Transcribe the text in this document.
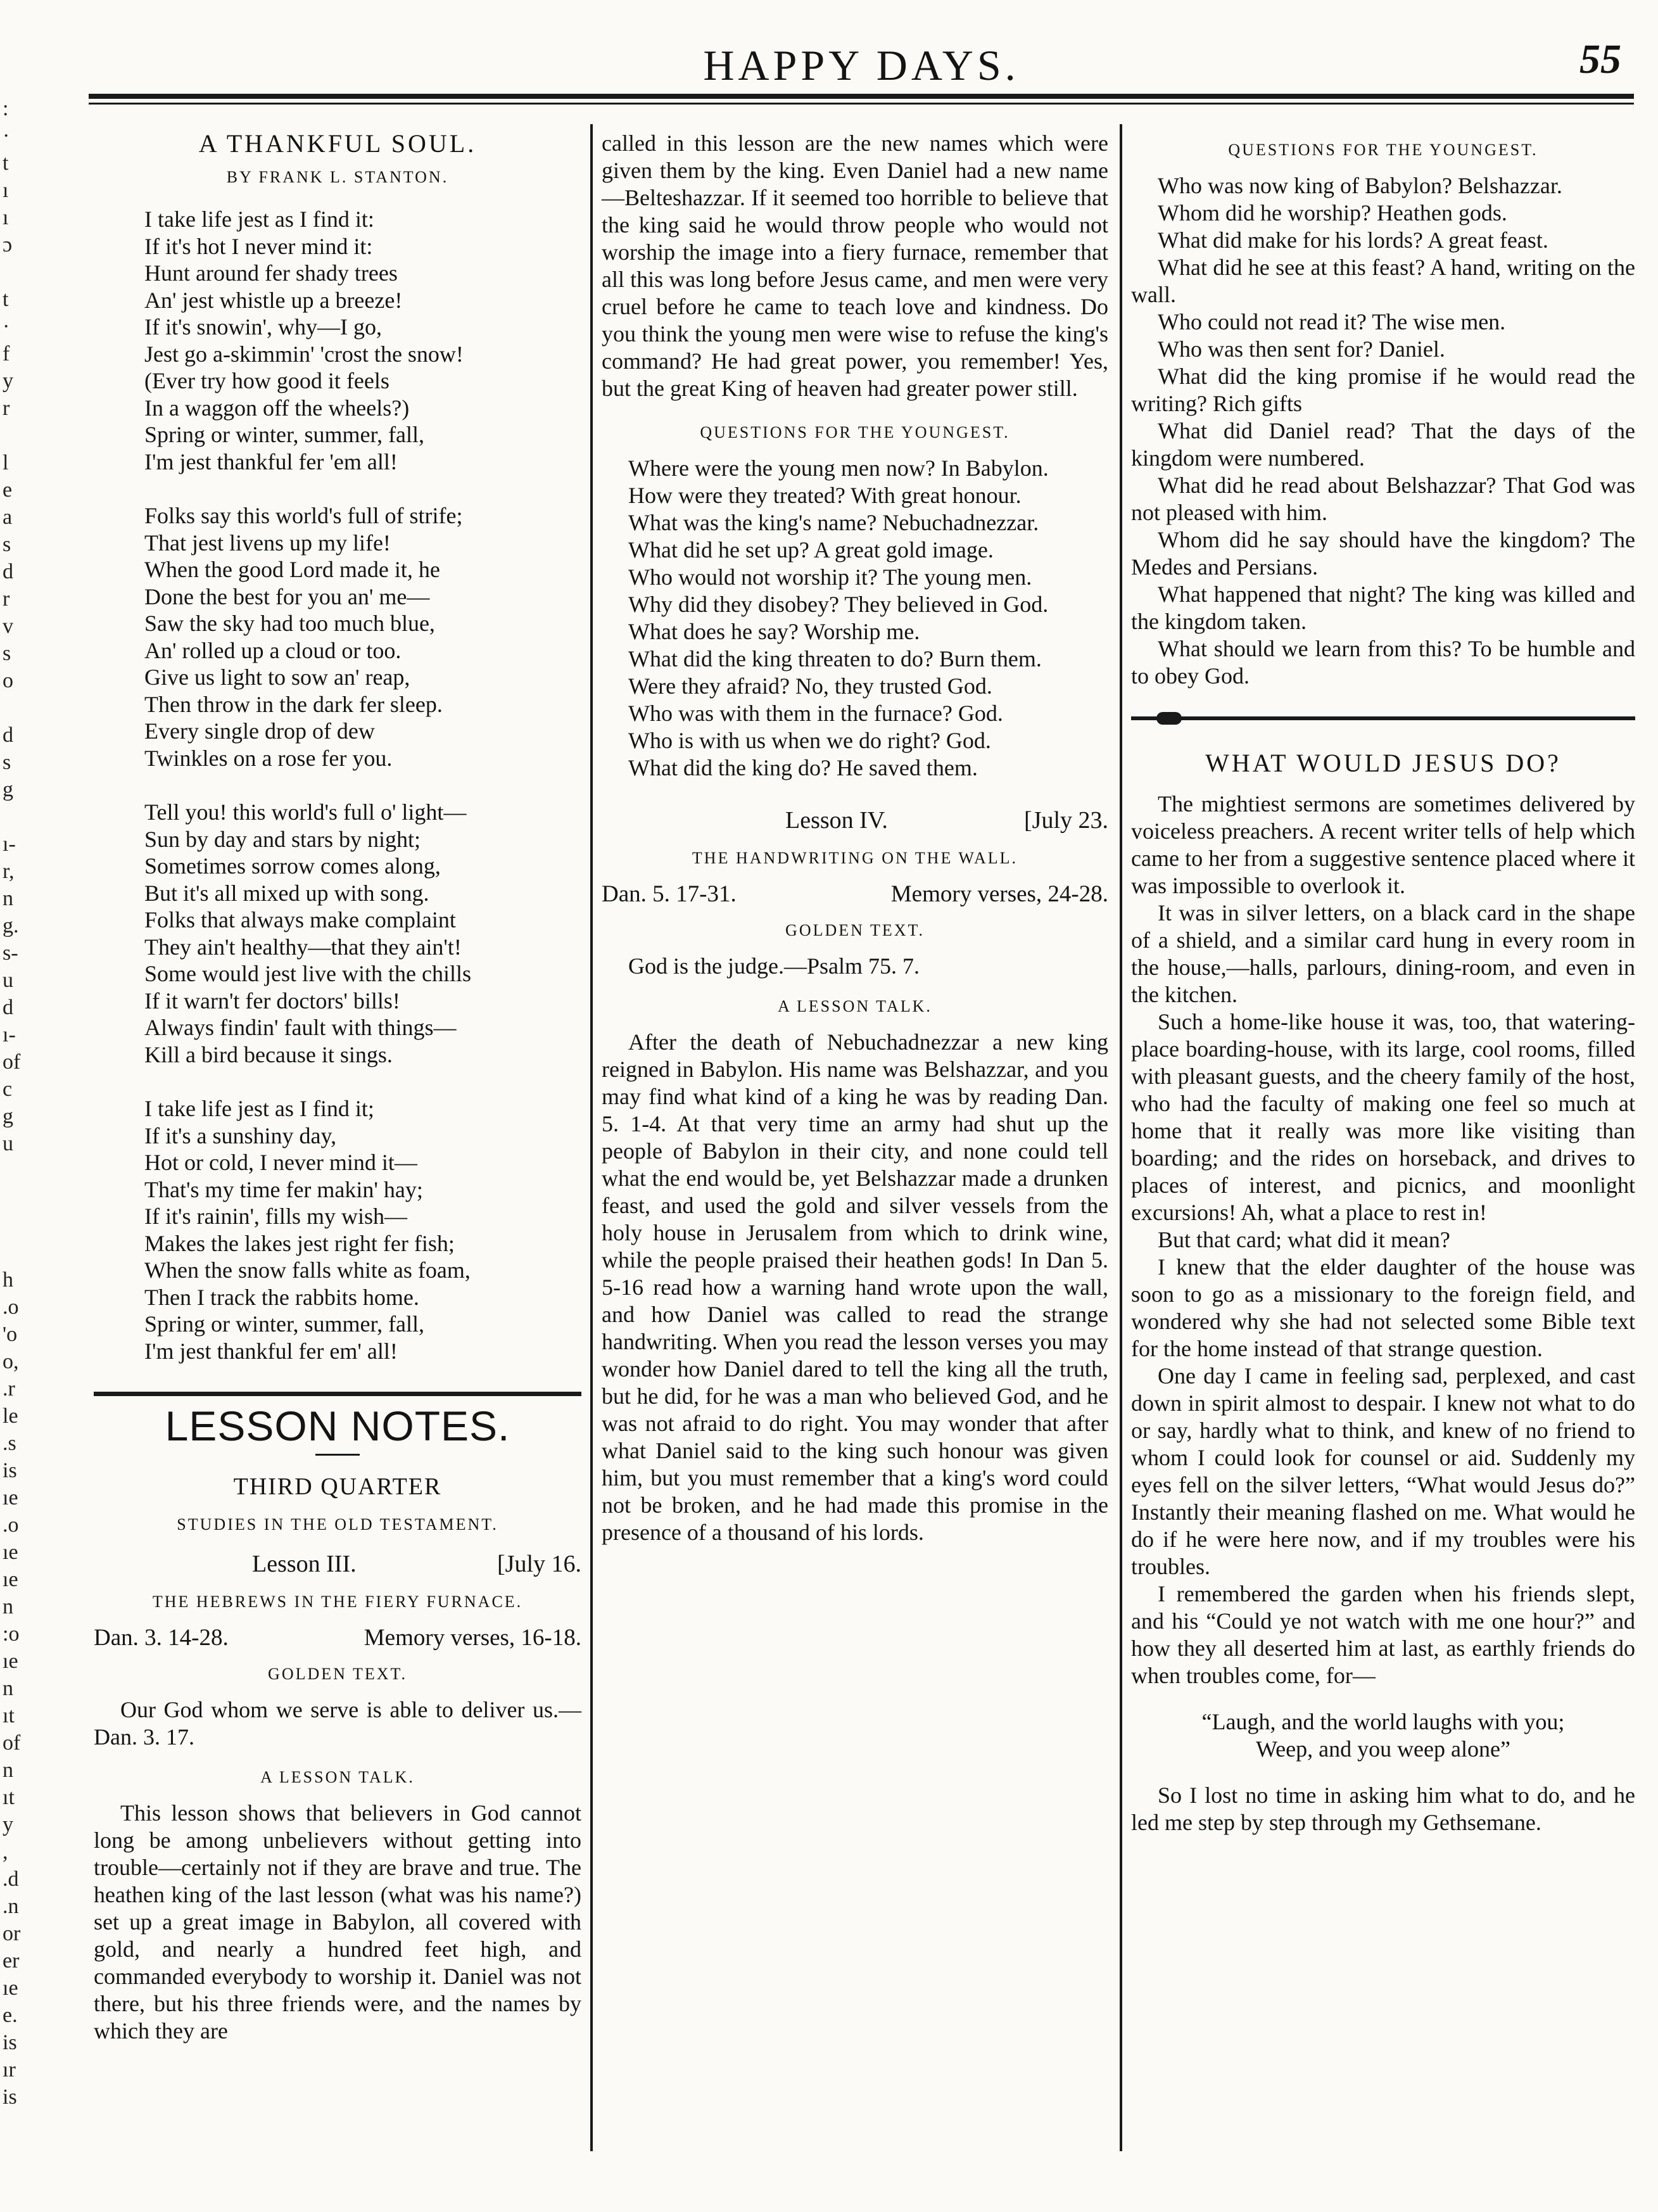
HAPPY DAYS.	55
:
·
t
ı
ı
ɔ
t
·
f
y
r
l
e
a
s
d
r
v
s
o
d
s
g
ı-
r,
n
g.
s-
u
d
ı-
of
c
g
u
h
.o
'o
o,
.r
le
.s
is
ıe
.o
ıe
ıe
n
:o
ıe
n
ıt
of
n
ıt
y
,
.d
.n
or
er
ıe
e.
is
ır
is
A THANKFUL SOUL.
BY FRANK L. STANTON.
I take life jest as I find it:
If it's hot I never mind it:
Hunt around fer shady trees
An' jest whistle up a breeze!
If it's snowin', why—I go,
Jest go a-skimmin' 'crost the snow!
(Ever try how good it feels
In a waggon off the wheels?)
Spring or winter, summer, fall,
I'm jest thankful fer 'em all!
Folks say this world's full of strife;
That jest livens up my life!
When the good Lord made it, he
Done the best for you an' me—
Saw the sky had too much blue,
An' rolled up a cloud or too.
Give us light to sow an' reap,
Then throw in the dark fer sleep.
Every single drop of dew
Twinkles on a rose fer you.
Tell you! this world's full o' light—
Sun by day and stars by night;
Sometimes sorrow comes along,
But it's all mixed up with song.
Folks that always make complaint
They ain't healthy—that they ain't!
Some would jest live with the chills
If it warn't fer doctors' bills!
Always findin' fault with things—
Kill a bird because it sings.
I take life jest as I find it;
If it's a sunshiny day,
Hot or cold, I never mind it—
That's my time fer makin' hay;
If it's rainin', fills my wish—
Makes the lakes jest right fer fish;
When the snow falls white as foam,
Then I track the rabbits home.
Spring or winter, summer, fall,
I'm jest thankful fer em' all!
LESSON NOTES.
THIRD QUARTER
STUDIES IN THE OLD TESTAMENT.
Lesson III.	[July 16.
THE HEBREWS IN THE FIERY FURNACE.
Dan. 3. 14-28.	Memory verses, 16-18.
GOLDEN TEXT.

Our God whom we serve is able to deliver us.—Dan. 3. 17.

A LESSON TALK.

This lesson shows that believers in God cannot long be among unbelievers without getting into trouble—certainly not if they are brave and true. The heathen king of the last lesson (what was his name?) set up a great image in Babylon, all covered with gold, and nearly a hundred feet high, and commanded everybody to worship it. Daniel was not there, but his three friends were, and the names by which they are

called in this lesson are the new names which were given them by the king. Even Daniel had a new name—Belteshazzar. If it seemed too horrible to believe that the king said he would throw people who would not worship the image into a fiery furnace, remember that all this was long before Jesus came, and men were very cruel before he came to teach love and kindness. Do you think the young men were wise to refuse the king's command? He had great power, you remember! Yes, but the great King of heaven had greater power still.

QUESTIONS FOR THE YOUNGEST.

Where were the young men now? In Babylon.

How were they treated? With great honour.

What was the king's name? Nebuchadnezzar.

What did he set up? A great gold image.

Who would not worship it? The young men.

Why did they disobey? They believed in God.

What does he say? Worship me.

What did the king threaten to do? Burn them.

Were they afraid? No, they trusted God.

Who was with them in the furnace? God.

Who is with us when we do right? God.

What did the king do? He saved them.

Lesson IV.	[July 23.
THE HANDWRITING ON THE WALL.
Dan. 5. 17-31.	Memory verses, 24-28.
GOLDEN TEXT.

God is the judge.—Psalm 75. 7.

A LESSON TALK.

After the death of Nebuchadnezzar a new king reigned in Babylon. His name was Belshazzar, and you may find what kind of a king he was by reading Dan. 5. 1-4. At that very time an army had shut up the people of Babylon in their city, and none could tell what the end would be, yet Belshazzar made a drunken feast, and used the gold and silver vessels from the holy house in Jerusalem from which to drink wine, while the people praised their heathen gods! In Dan 5. 5-16 read how a warning hand wrote upon the wall, and how Daniel was called to read the strange handwriting. When you read the lesson verses you may wonder how Daniel dared to tell the king all the truth, but he did, for he was a man who believed God, and he was not afraid to do right. You may wonder that after what Daniel said to the king such honour was given him, but you must remember that a king's word could not be broken, and he had made this promise in the presence of a thousand of his lords.

QUESTIONS FOR THE YOUNGEST.

Who was now king of Babylon? Belshazzar.

Whom did he worship? Heathen gods.

What did make for his lords? A great feast.

What did he see at this feast? A hand, writing on the wall.

Who could not read it? The wise men.

Who was then sent for? Daniel.

What did the king promise if he would read the writing? Rich gifts

What did Daniel read? That the days of the kingdom were numbered.

What did he read about Belshazzar? That God was not pleased with him.

Whom did he say should have the kingdom? The Medes and Persians.

What happened that night? The king was killed and the kingdom taken.

What should we learn from this? To be humble and to obey God.

WHAT WOULD JESUS DO?

The mightiest sermons are sometimes delivered by voiceless preachers. A recent writer tells of help which came to her from a suggestive sentence placed where it was impossible to overlook it.

It was in silver letters, on a black card in the shape of a shield, and a similar card hung in every room in the house,—halls, parlours, dining-room, and even in the kitchen.

Such a home-like house it was, too, that watering-place boarding-house, with its large, cool rooms, filled with pleasant guests, and the cheery family of the host, who had the faculty of making one feel so much at home that it really was more like visiting than boarding; and the rides on horseback, and drives to places of interest, and picnics, and moonlight excursions! Ah, what a place to rest in!

But that card; what did it mean?

I knew that the elder daughter of the house was soon to go as a missionary to the foreign field, and wondered why she had not selected some Bible text for the home instead of that strange question.

One day I came in feeling sad, perplexed, and cast down in spirit almost to despair. I knew not what to do or say, hardly what to think, and knew of no friend to whom I could look for counsel or aid. Suddenly my eyes fell on the silver letters, “What would Jesus do?” Instantly their meaning flashed on me. What would he do if he were here now, and if my troubles were his troubles.

I remembered the garden when his friends slept, and his “Could ye not watch with me one hour?” and how they all deserted him at last, as earthly friends do when troubles come, for—

“Laugh, and the world laughs with you;
Weep, and you weep alone”

So I lost no time in asking him what to do, and he led me step by step through my Gethsemane.
